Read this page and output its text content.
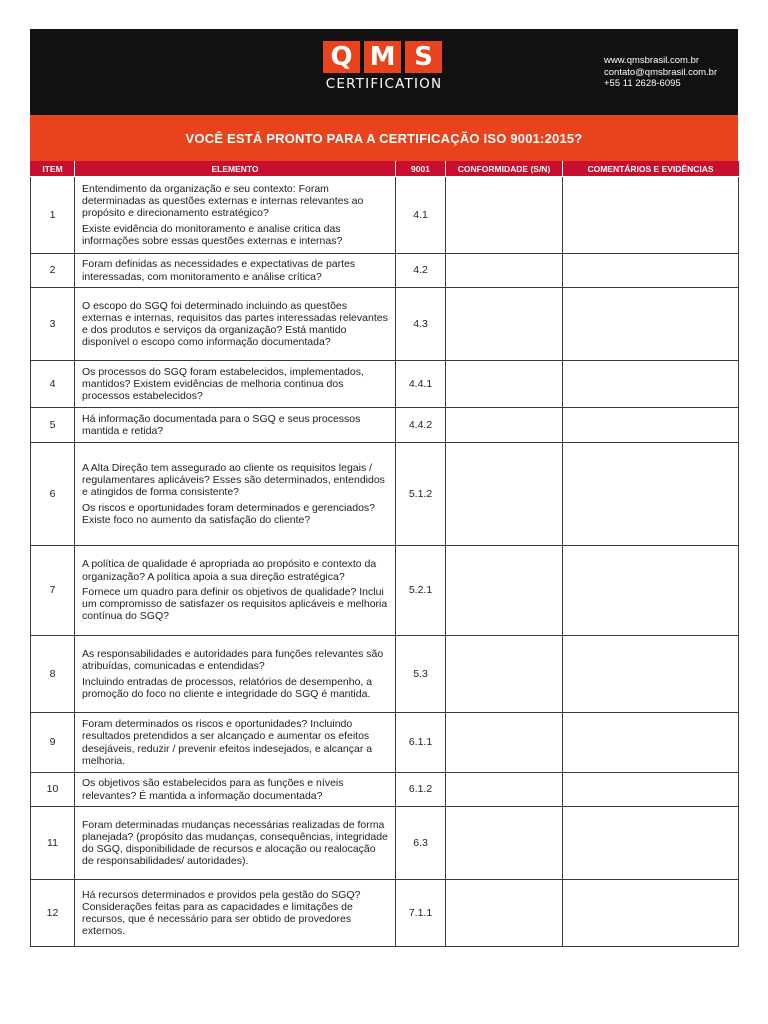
Q M S
CERTIFICATION
www.qmsbrasil.com.br
contato@qmsbrasil.com.br
+55 11 2628-6095
VOCÊ ESTÁ PRONTO PARA A CERTIFICAÇÃO ISO 9001:2015?
ITEM	ELEMENTO	9001	CONFORMIDADE (S/N)	COMENTÁRIOS E EVIDÊNCIAS
1	Entendimento da organização e seu contexto: Foram determinadas as questões externas e internas relevantes ao propósito e direcionamento estratégico?

Existe evidência do monitoramento e analise critica das informações sobre essas questões externas e internas?	4.1		
2	Foram definidas as necessidades e expectativas de partes interessadas, com monitoramento e análise crítica?	4.2		
3	O escopo do SGQ foi determinado incluindo as questões externas e internas, requisitos das partes interessadas relevantes e dos produtos e serviços da organização? Está mantido disponível o escopo como informação documentada?	4.3		
4	Os processos do SGQ foram estabelecidos, implementados, mantidos? Existem evidências de melhoria continua dos processos estabelecidos?	4.4.1		
5	Há informação documentada para o SGQ e seus processos mantida e retida?	4.4.2		
6	A Alta Direção tem assegurado ao cliente os requisitos legais / regulamentares aplicáveis? Esses são determinados, entendidos e atingidos de forma consistente?

Os riscos e oportunidades foram determinados e gerenciados? Existe foco no aumento da satisfação do cliente?	5.1.2		
7	A política de qualidade é apropriada ao propósito e contexto da organização? A política apoia a sua direção estratégica?

Fornece um quadro para definir os objetivos de qualidade? Inclui um compromisso de satisfazer os requisitos aplicáveis e melhoria contínua do SGQ?	5.2.1		
8	As responsabilidades e autoridades para funções relevantes são atribuídas, comunicadas e entendidas?

Incluindo entradas de processos, relatórios de desempenho, a promoção do foco no cliente e integridade do SGQ é mantida.	5.3		
9	Foram determinados os riscos e oportunidades? Incluindo resultados pretendidos a ser alcançado e aumentar os efeitos desejáveis, reduzir / prevenir efeitos indesejados, e alcançar a melhoria.	6.1.1		
10	Os objetivos são estabelecidos para as funções e níveis relevantes? É mantida a informação documentada?	6.1.2		
11	Foram determinadas mudanças necessárias realizadas de forma planejada? (propósito das mudanças, consequências, integridade do SGQ, disponibilidade de recursos e alocação ou realocação de responsabilidades/ autoridades).	6.3		
12	Há recursos determinados e providos pela gestão do SGQ? Considerações feitas para as capacidades e limitações de recursos, que é necessário para ser obtido de provedores externos.	7.1.1		
